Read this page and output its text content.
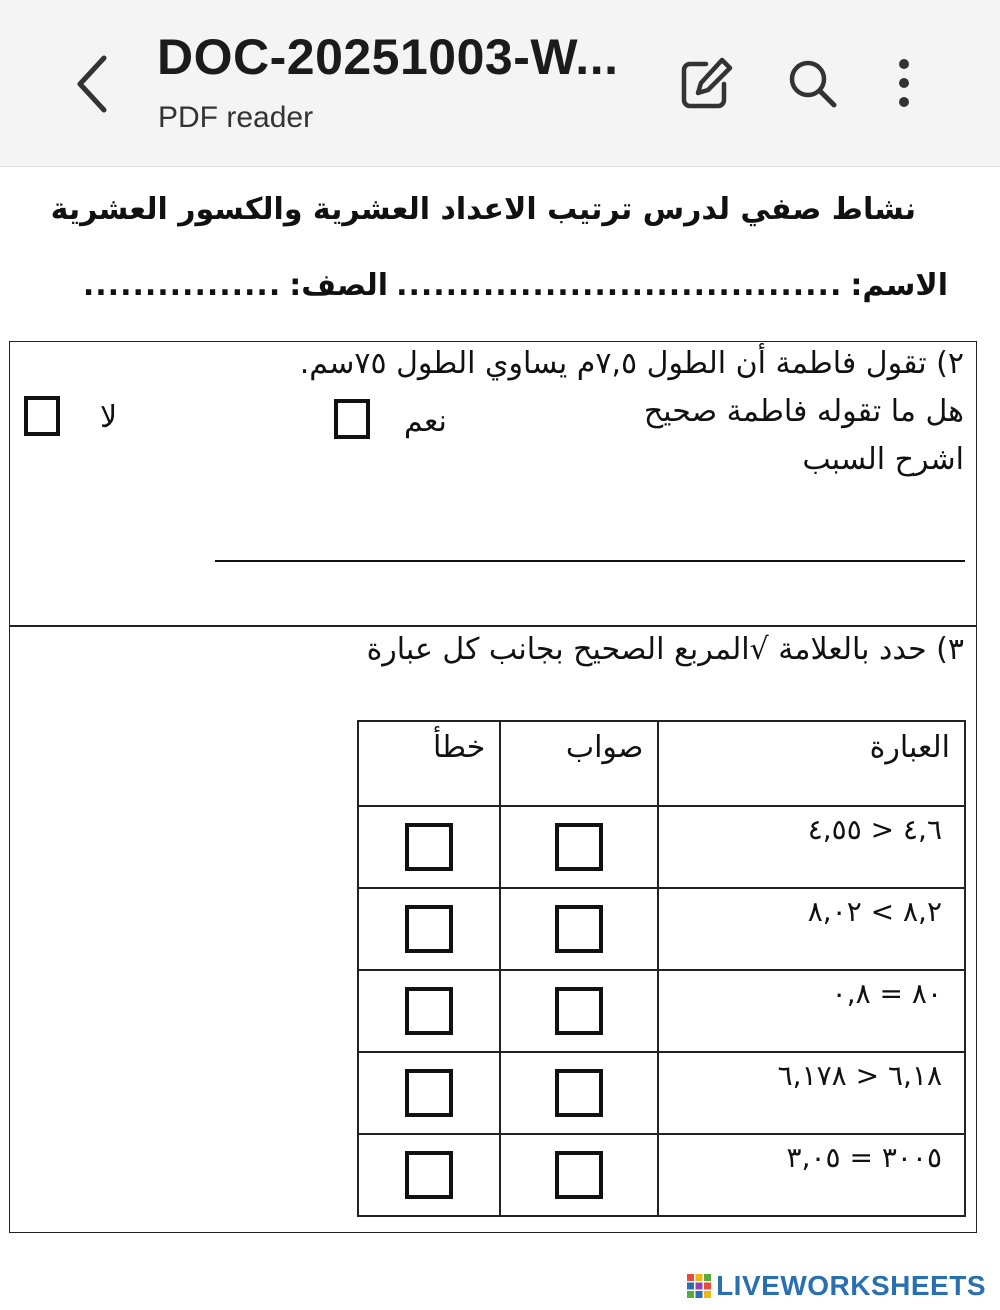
DOC-20251003-W...
PDF reader
نشاط صفي لدرس ترتيب الاعداد العشرية والكسور العشرية
الاسم:
....................................
الصف:
................
٢) تقول فاطمة أن الطول ٧,٥م يساوي الطول ٧٥سم.
هل ما تقوله فاطمة صحيح
نعم
لا
اشرح السبب
٣) حدد بالعلامة √المربع الصحيح بجانب كل عبارة
العبارة	صواب	خطأ

٤,٦ < ٤,٥٥		

٨,٢ > ٨,٠٢		

٨٠ = ٠,٨		

٦,١٨ < ٦,١٧٨		

٣٠٠٥ = ٣,٠٥		

LIVEWORKSHEETS
